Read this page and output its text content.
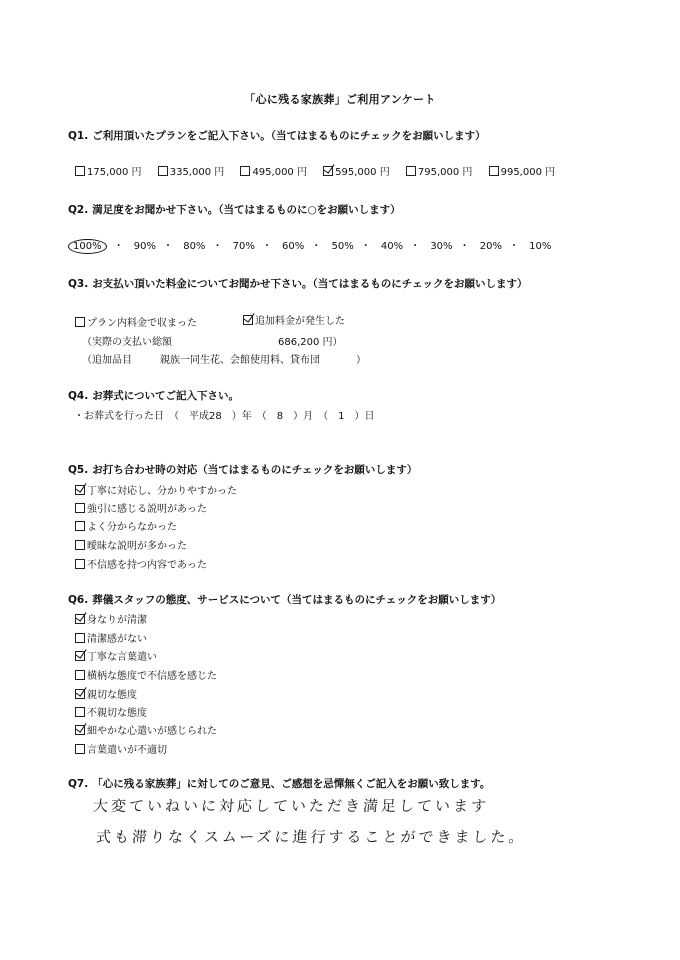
「心に残る家族葬」ご利用アンケート
Q1. ご利用頂いたプランをご記入下さい。（当てはまるものにチェックをお願いします）
175,000 円	335,000 円	495,000 円	595,000 円	795,000 円	995,000 円
Q2. 満足度をお聞かせ下さい。（当てはまるものに○をお願いします）
100% ・ 90% ・ 80% ・ 70% ・ 60% ・ 50% ・ 40% ・ 30% ・ 20% ・ 10%
Q3. お支払い頂いた料金についてお聞かせ下さい。（当てはまるものにチェックをお願いします）
プラン内料金で収まった	追加料金が発生した
（実際の支払い総額	686,200 円）
（追加品目	親族一同生花、会館使用料、貸布団	）
Q4. お葬式についてご記入下さい。
・お葬式を行った日　（　平成28　）年　（　8　）月　（　1　）日
Q5. お打ち合わせ時の対応（当てはまるものにチェックをお願いします）
丁寧に対応し、分かりやすかった
強引に感じる説明があった
よく分からなかった
曖昧な説明が多かった
不信感を持つ内容であった
Q6. 葬儀スタッフの態度、サービスについて（当てはまるものにチェックをお願いします）
身なりが清潔
清潔感がない
丁寧な言葉遣い
横柄な態度で不信感を感じた
親切な態度
不親切な態度
細やかな心遣いが感じられた
言葉遣いが不適切
Q7. 「心に残る家族葬」に対してのご意見、ご感想を忌憚無くご記入をお願い致します。
大変ていねいに対応していただき満足しています
式も滞りなくスムーズに進行することができました。
